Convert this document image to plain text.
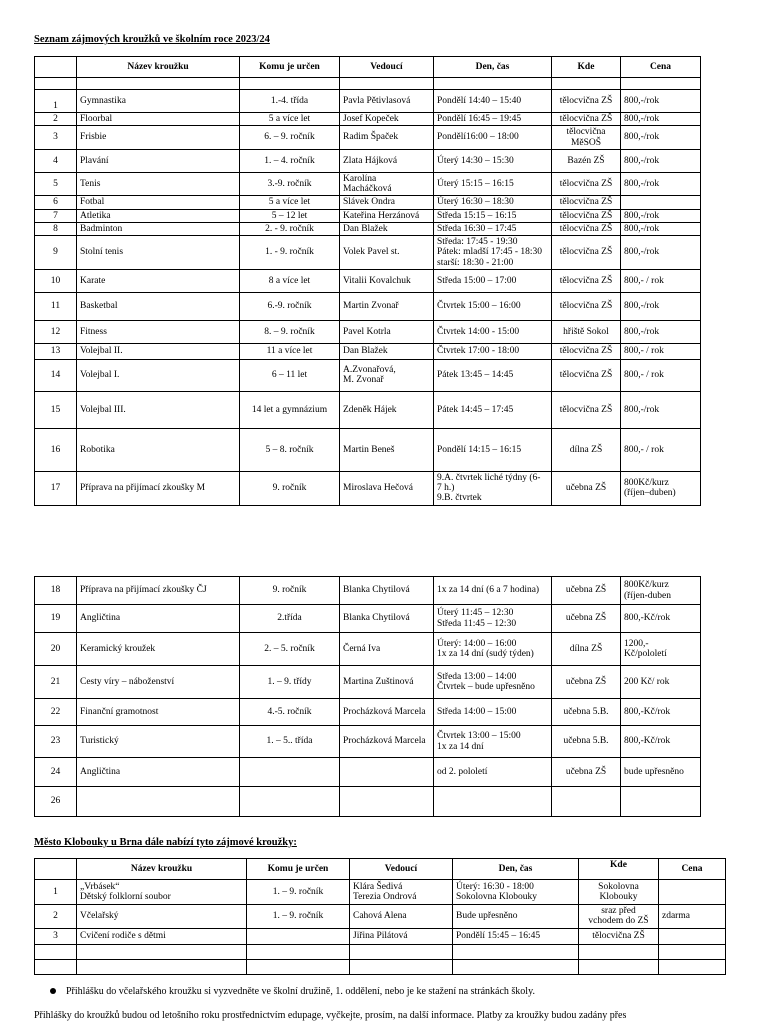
Seznam zájmových kroužků ve školním roce 2023/24
	Název kroužku	Komu je určen	Vedoucí	Den, čas	Kde	Cena

1	Gymnastika	1.-4. třída	Pavla Pětivlasová	Pondělí 14:40 – 15:40	tělocvična ZŠ	800,-/rok
2	Floorbal	5 a více let	Josef Kopeček	Pondělí 16:45 – 19:45	tělocvična ZŠ	800,-/rok
3	Frisbie	6. – 9. ročník	Radim Špaček	Pondělí16:00 – 18:00	tělocvična
MěSOŠ	800,-/rok
4	Plavání	1. – 4. ročník	Zlata Hájková	Úterý 14:30 – 15:30	Bazén ZŠ	800,-/rok
5	Tenis	3.-9. ročník	Karolína
Macháčková	Úterý 15:15 – 16:15	tělocvična ZŠ	800,-/rok
6	Fotbal	5 a více let	Slávek Ondra	Úterý 16:30 – 18:30	tělocvična ZŠ	
7	Atletika	5 – 12 let	Kateřina Herzánová	Středa 15:15 – 16:15	tělocvična ZŠ	800,-/rok
8	Badminton	2. - 9. ročník	Dan Blažek	Středa 16:30 – 17:45	tělocvična ZŠ	800,-/rok
9	Stolní tenis	1. - 9. ročník	Volek Pavel st.	Středa: 17:45 - 19:30
Pátek: mladší 17:45 - 18:30
starší: 18:30 - 21:00	tělocvična ZŠ	800,-/rok
10	Karate	8 a více let	Vitalii Kovalchuk	Středa 15:00 – 17:00	tělocvična ZŠ	800,- / rok
11	Basketbal	6.-9. ročník	Martin Zvonař	Čtvrtek 15:00 – 16:00	tělocvična ZŠ	800,-/rok
12	Fitness	8. – 9. ročník	Pavel Kotrla	Čtvrtek 14:00 - 15:00	hřiště Sokol	800,-/rok
13	Volejbal II.	11 a více let	Dan Blažek	Čtvrtek 17:00 - 18:00	tělocvična ZŠ	800,- / rok
14	Volejbal I.	6 – 11 let	A.Zvonařová,
M. Zvonař	Pátek 13:45 – 14:45	tělocvična ZŠ	800,- / rok
15	Volejbal III.	14 let a gymnázium	Zdeněk Hájek	Pátek 14:45 – 17:45	tělocvična ZŠ	800,-/rok
16	Robotika	5 – 8. ročník	Martin Beneš	Pondělí 14:15 – 16:15	dílna ZŠ	800,- / rok
17	Příprava na přijímací zkoušky M	9. ročník	Miroslava Hečová	9.A. čtvrtek liché týdny (6-
7 h.)
9.B. čtvrtek	učebna ZŠ	800Kč/kurz
(říjen–duben)
18	Příprava na přijímací zkoušky ČJ	9. ročník	Blanka Chytilová	1x za 14 dní (6 a 7 hodina)	učebna ZŠ	800Kč/kurz
(říjen-duben
19	Angličtina	2.třída	Blanka Chytilová	Úterý 11:45 – 12:30
Středa 11:45 – 12:30	učebna ZŠ	800,-Kč/rok
20	Keramický kroužek	2. – 5. ročník	Černá Iva	Úterý: 14:00 – 16:00
1x za 14 dní (sudý týden)	dílna ZŠ	1200,-
Kč/pololetí
21	Cesty víry – náboženství	1. – 9. třídy	Martina Zuštinová	Středa 13:00 – 14:00
Čtvrtek – bude upřesněno	učebna ZŠ	200 Kč/ rok
22	Finanční gramotnost	4.-5. ročník	Procházková Marcela	Středa 14:00 – 15:00	učebna 5.B.	800,-Kč/rok
23	Turistický	1. – 5.. třída	Procházková Marcela	Čtvrtek 13:00 – 15:00
1x za 14 dní	učebna 5.B.	800,-Kč/rok
24	Angličtina			od 2. pololetí	učebna ZŠ	bude upřesněno
26						
Město Klobouky u Brna dále nabízí tyto zájmové kroužky:
	Název kroužku	Komu je určen	Vedoucí	Den, čas	Kde	Cena
1	„Vrbásek“
Dětský folklorní soubor	1. – 9. ročník	Klára Šedivá
Terezia Ondrová	Úterý: 16:30 - 18:00
Sokolovna Klobouky	Sokolovna
Klobouky	
2	Včelařský	1. – 9. ročník	Cahová Alena	Bude upřesněno	sraz před
vchodem do ZŠ	zdarma
3	Cvičení rodiče s dětmi		Jiřina Pilátová	Pondělí 15:45 – 16:45	tělocvična ZŠ	

Přihlášku do včelařského kroužku si vyzvedněte ve školní družině, 1. oddělení, nebo je ke stažení na stránkách školy.
Přihlášky do kroužků budou od letošního roku prostřednictvím edupage, vyčkejte, prosím, na další informace. Platby za kroužky budou zadány přes
